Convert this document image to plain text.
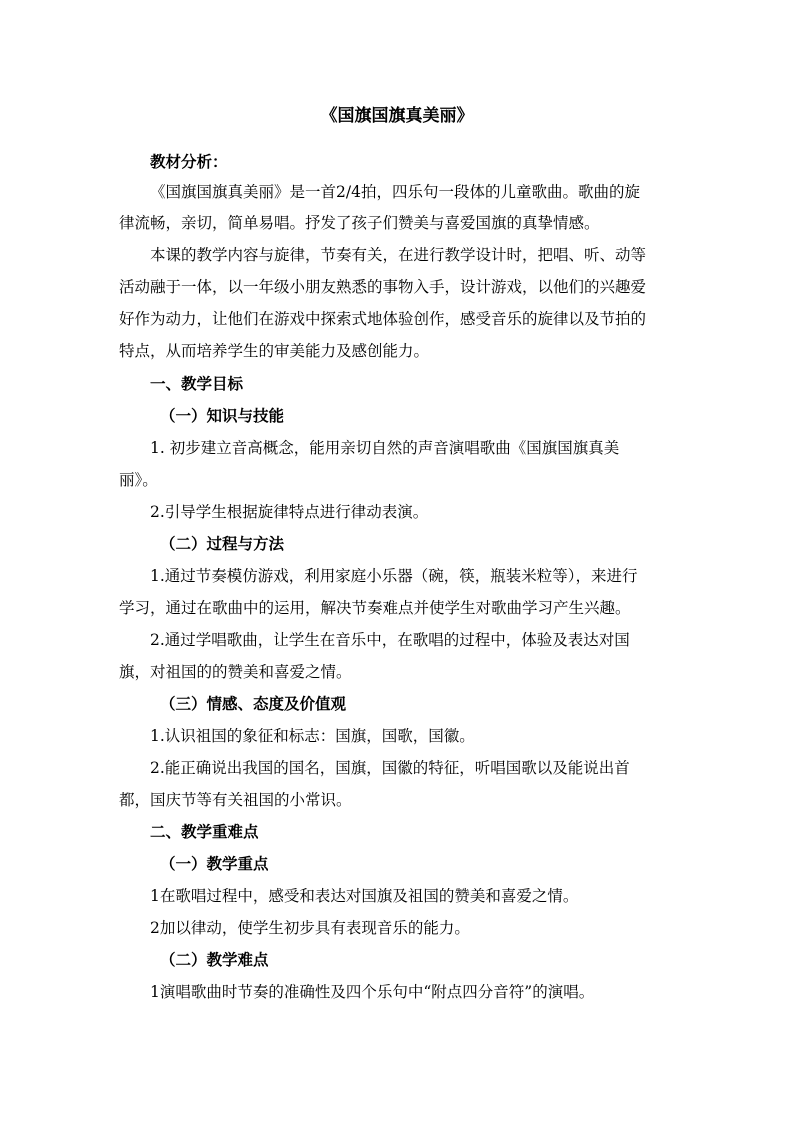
《国旗国旗真美丽》
教材分析：
《国旗国旗真美丽》是一首2/4拍，四乐句一段体的儿童歌曲。歌曲的旋
律流畅，亲切，简单易唱。抒发了孩子们赞美与喜爱国旗的真挚情感。
本课的教学内容与旋律，节奏有关，在进行教学设计时，把唱、听、动等
活动融于一体，以一年级小朋友熟悉的事物入手，设计游戏，以他们的兴趣爱
好作为动力，让他们在游戏中探索式地体验创作，感受音乐的旋律以及节拍的
特点，从而培养学生的审美能力及感创能力。
一、教学目标
（一）知识与技能
1. 初步建立音高概念，能用亲切自然的声音演唱歌曲《国旗国旗真美
丽》。
2.引导学生根据旋律特点进行律动表演。
（二）过程与方法
1.通过节奏模仿游戏，利用家庭小乐器（碗，筷，瓶装米粒等），来进行
学习，通过在歌曲中的运用，解决节奏难点并使学生对歌曲学习产生兴趣。
2.通过学唱歌曲，让学生在音乐中，在歌唱的过程中，体验及表达对国
旗，对祖国的的赞美和喜爱之情。
（三）情感、态度及价值观
1.认识祖国的象征和标志：国旗，国歌，国徽。
2.能正确说出我国的国名，国旗，国徽的特征，听唱国歌以及能说出首
都，国庆节等有关祖国的小常识。
二、教学重难点
（一）教学重点
1在歌唱过程中，感受和表达对国旗及祖国的赞美和喜爱之情。
2加以律动，使学生初步具有表现音乐的能力。
（二）教学难点
1演唱歌曲时节奏的准确性及四个乐句中“附点四分音符”的演唱。
